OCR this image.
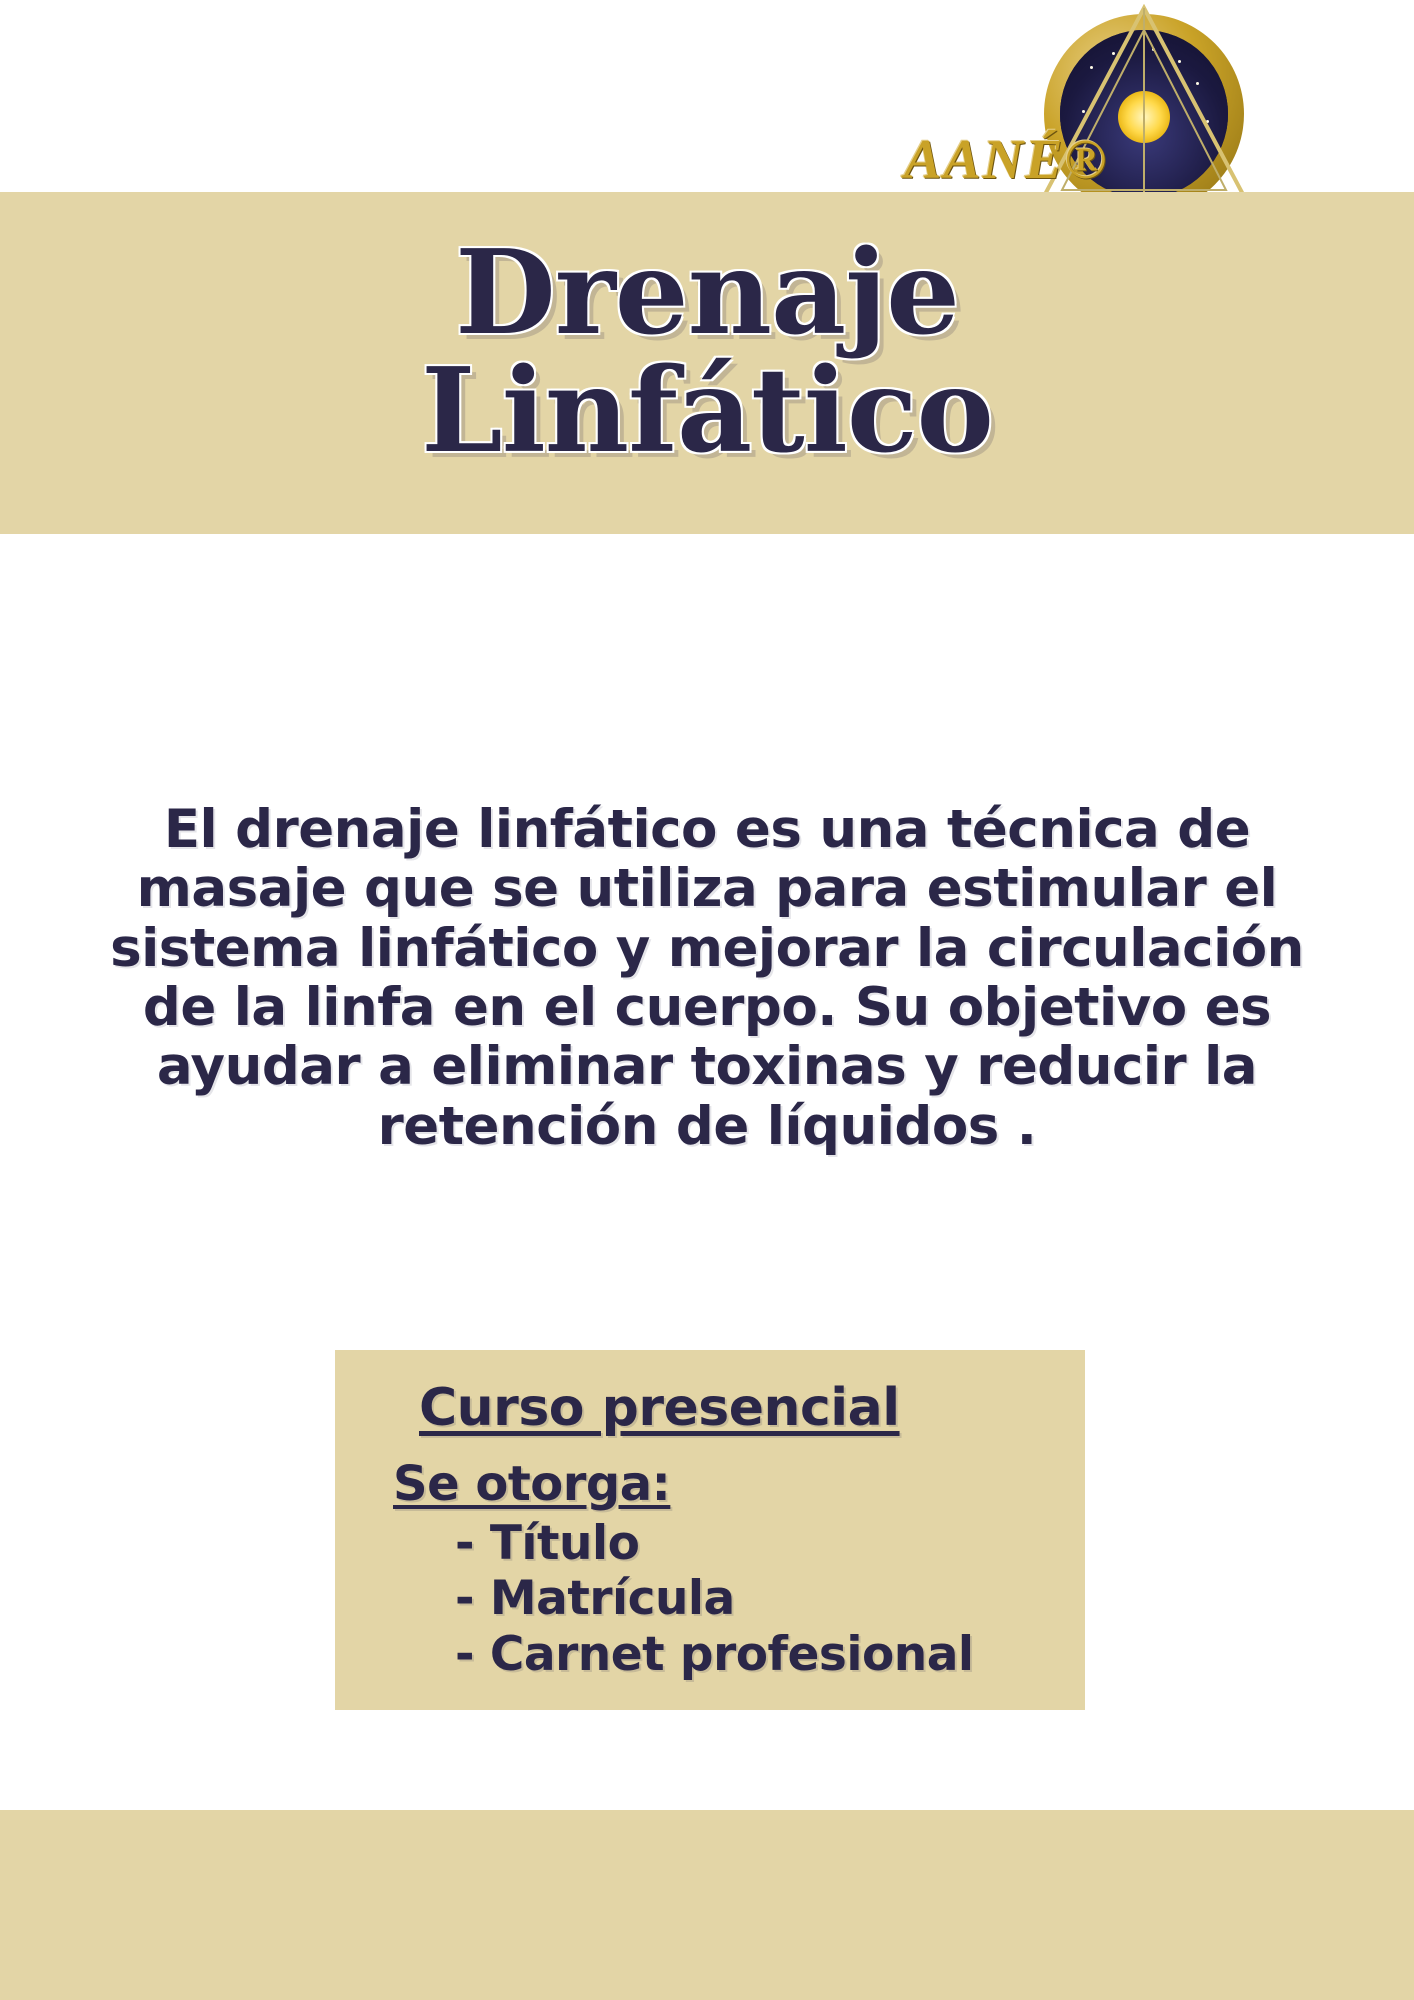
AANÉ®
Drenaje
Linfático
El drenaje linfático es una técnica de masaje que se utiliza para estimular el sistema linfático y mejorar la circulación de la linfa en el cuerpo. Su objetivo es ayudar a eliminar toxinas y reducir la retención de líquidos .
Curso presencial
Se otorga:
- Título
- Matrícula
- Carnet profesional
